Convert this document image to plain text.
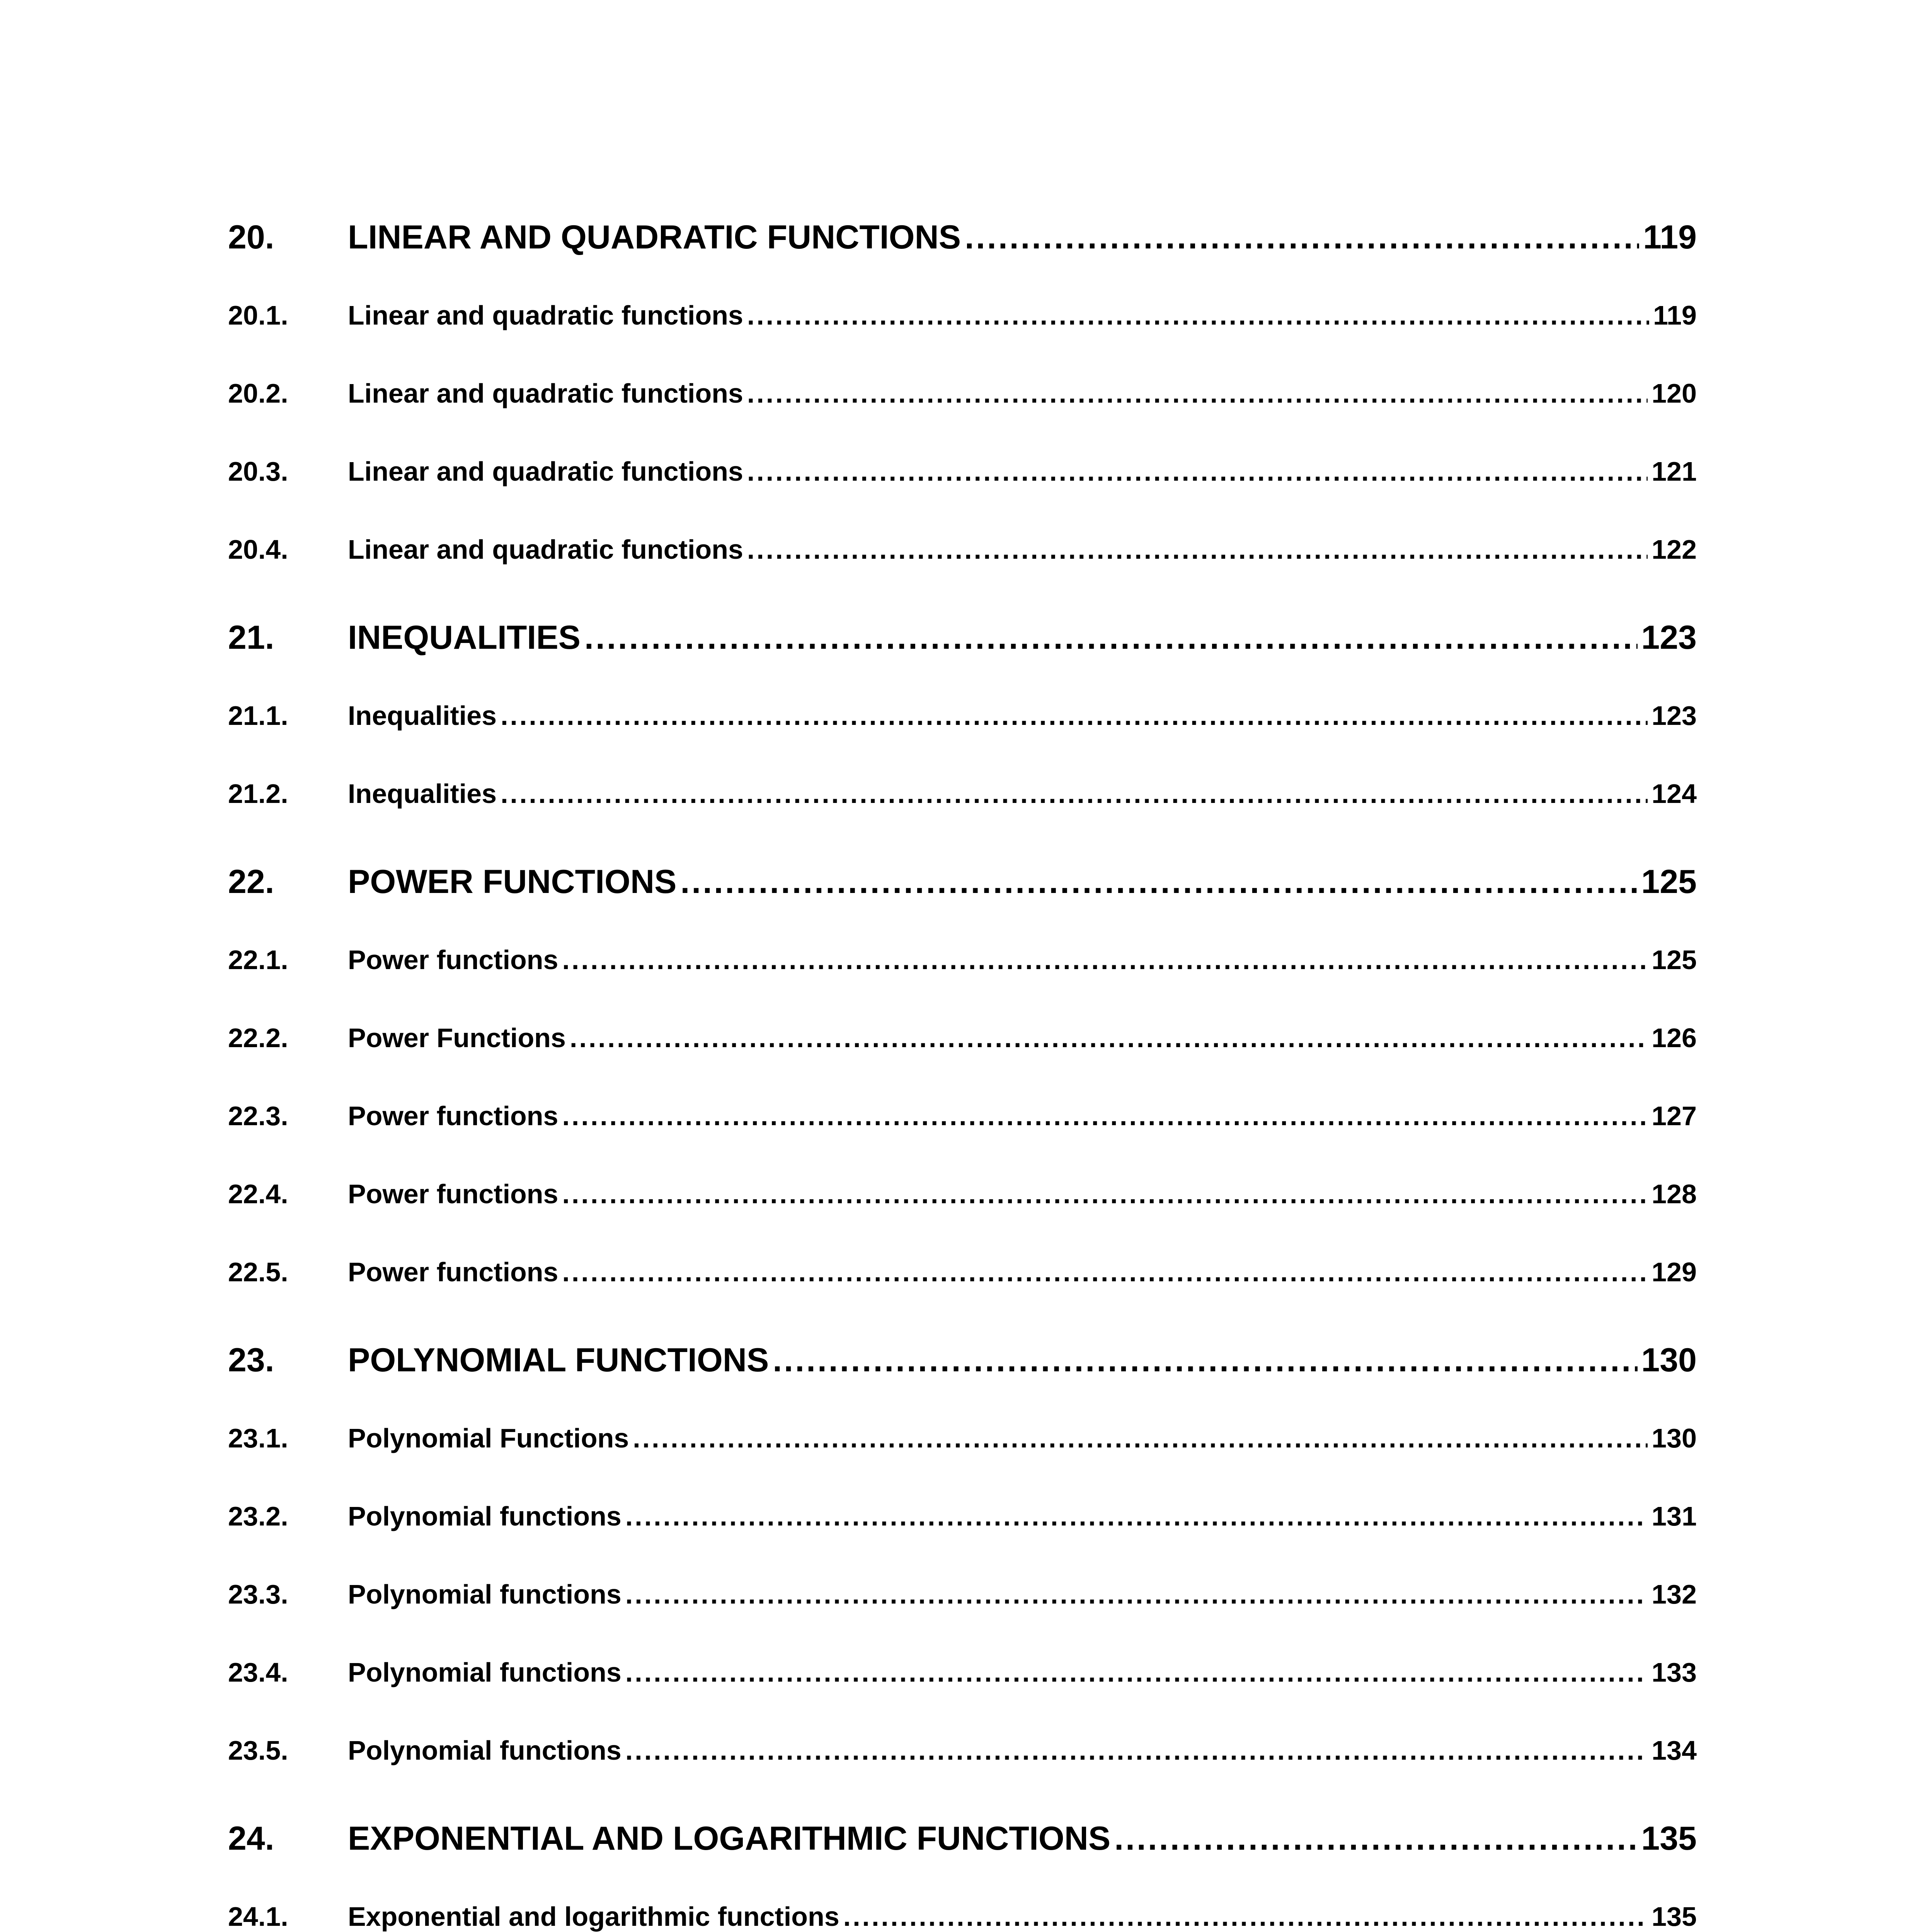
20.	LINEAR AND QUADRATIC FUNCTIONS .....	119
20.1.	Linear and quadratic functions .....	119
20.2.	Linear and quadratic functions .....	120
20.3.	Linear and quadratic functions .....	121
20.4.	Linear and quadratic functions .....	122
21.	INEQUALITIES .....	123
21.1.	Inequalities .....	123
21.2.	Inequalities .....	124
22.	POWER FUNCTIONS .....	125
22.1.	Power functions .....	125
22.2.	Power Functions .....	126
22.3.	Power functions .....	127
22.4.	Power functions .....	128
22.5.	Power functions .....	129
23.	POLYNOMIAL FUNCTIONS .....	130
23.1.	Polynomial Functions .....	130
23.2.	Polynomial functions .....	131
23.3.	Polynomial functions .....	132
23.4.	Polynomial functions .....	133
23.5.	Polynomial functions .....	134
24.	EXPONENTIAL AND LOGARITHMIC FUNCTIONS .....	135
24.1.	Exponential and logarithmic functions .....	135
